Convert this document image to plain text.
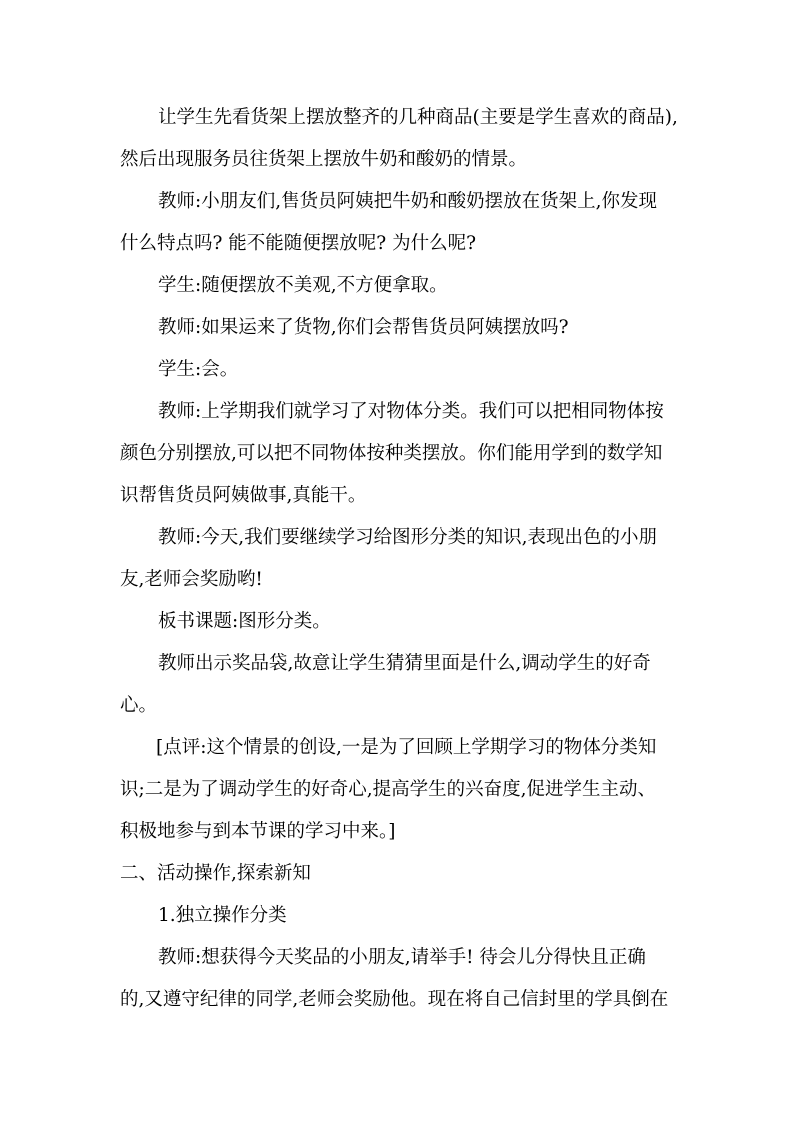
让学生先看货架上摆放整齐的几种商品(主要是学生喜欢的商品),
然后出现服务员往货架上摆放牛奶和酸奶的情景。
教师:小朋友们,售货员阿姨把牛奶和酸奶摆放在货架上,你发现
什么特点吗? 能不能随便摆放呢? 为什么呢?
学生:随便摆放不美观,不方便拿取。
教师:如果运来了货物,你们会帮售货员阿姨摆放吗?
学生:会。
教师:上学期我们就学习了对物体分类。我们可以把相同物体按
颜色分别摆放,可以把不同物体按种类摆放。你们能用学到的数学知
识帮售货员阿姨做事,真能干。
教师:今天,我们要继续学习给图形分类的知识,表现出色的小朋
友,老师会奖励哟!
板书课题:图形分类。
教师出示奖品袋,故意让学生猜猜里面是什么,调动学生的好奇
心。
[点评:这个情景的创设,一是为了回顾上学期学习的物体分类知
识;二是为了调动学生的好奇心,提高学生的兴奋度,促进学生主动、
积极地参与到本节课的学习中来。]
二、活动操作,探索新知
1.独立操作分类
教师:想获得今天奖品的小朋友,请举手! 待会儿分得快且正确
的,又遵守纪律的同学,老师会奖励他。现在将自己信封里的学具倒在
